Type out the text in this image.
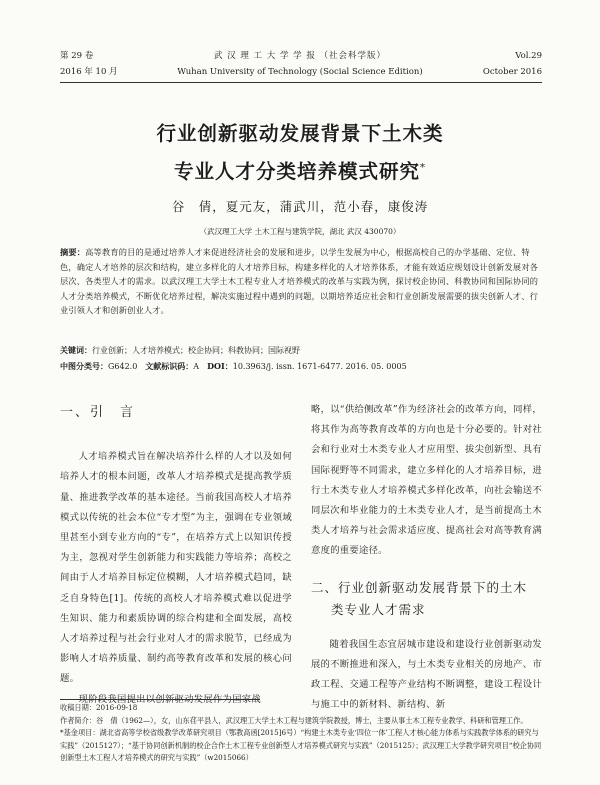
第 29 卷
2016 年 10 月
武 汉 理 工 大 学 学 报 （社会科学版）
Wuhan University of Technology (Social Science Edition)
Vol.29
October 2016
行业创新驱动发展背景下土木类
专业人才分类培养模式研究*
谷　倩，夏元友，蒲武川，范小春，康俊涛
（武汉理工大学 土木工程与建筑学院，湖北 武汉 430070）
摘要：高等教育的目的是通过培养人才来促进经济社会的发展和进步，以学生发展为中心，根据高校自己的办学基础、定位、特色，确定人才培养的层次和结构，建立多样化的人才培养目标，构建多样化的人才培养体系，才能有效适应规划设计创新发展对各层次、各类型人才的需求。以武汉理工大学土木工程专业人才培养模式的改革与实践为例，探讨校企协同、科教协同和国际协同的人才分类培养模式，不断优化培养过程，解决实施过程中遇到的问题，以期培养适应社会和行业创新发展需要的拔尖创新人才、行业引领人才和创新创业人才。
关键词：行业创新；人才培养模式；校企协同；科教协同；国际视野
中图分类号：G642.0　 文献标识码：A　 DOI：10.3963/j. issn. 1671-6477. 2016. 05. 0005

一、引　言

人才培养模式旨在解决培养什么样的人才以及如何培养人才的根本问题，改革人才培养模式是提高教学质量、推进教学改革的基本途径。当前我国高校人才培养模式以传统的社会本位“专才型”为主，强调在专业领域里甚至小到专业方向的“专”，在培养方式上以知识传授为主，忽视对学生创新能力和实践能力等培养；高校之间由于人才培养目标定位模糊，人才培养模式趋同，缺乏自身特色[1]。传统的高校人才培养模式难以促进学生知识、能力和素质协调的综合构建和全面发展，高校人才培养过程与社会行业对人才的需求脱节，已经成为影响人才培养质量、制约高等教育改革和发展的核心问题。

现阶段我国提出以创新驱动发展作为国家战

略，以“供给侧改革”作为经济社会的改革方向，同样，将其作为高等教育改革的方向也是十分必要的。针对社会和行业对土木类专业人才应用型、拔尖创新型、具有国际视野等不同需求，建立多样化的人才培养目标，进行土木类专业人才培养模式多样化改革，向社会输送不同层次和毕业能力的土木类专业人才，是当前提高土木类人才培养与社会需求适应度、提高社会对高等教育满意度的重要途径。

二、行业创新驱动发展背景下的土木
类专业人才需求

随着我国生态宜居城市建设和建设行业创新驱动发展的不断推进和深入，与土木类专业相关的房地产、市政工程、交通工程等产业结构不断调整，建设工程设计与施工中的新材料、新结构、新

收稿日期：2016-09-18

作者简介：谷　倩（1962—），女，山东荏平县人，武汉理工大学土木工程与建筑学院教授，博士，主要从事土木工程专业教学、科研和管理工作。

*基金项目：湖北省高等学校省级教学改革研究项目（鄂教高函[2015]6号）“构建土木类专业‘四位一体’工程人才核心能力体系与实践教学体系的研究与实践”（2015127）；“基于协同创新机制的校企合作土木工程专业创新型人才培养模式研究与实践”（2015125）；武汉理工大学教学研究项目“校企协同创新型土木工程人才培养模式的研究与实践”（w2015066）
